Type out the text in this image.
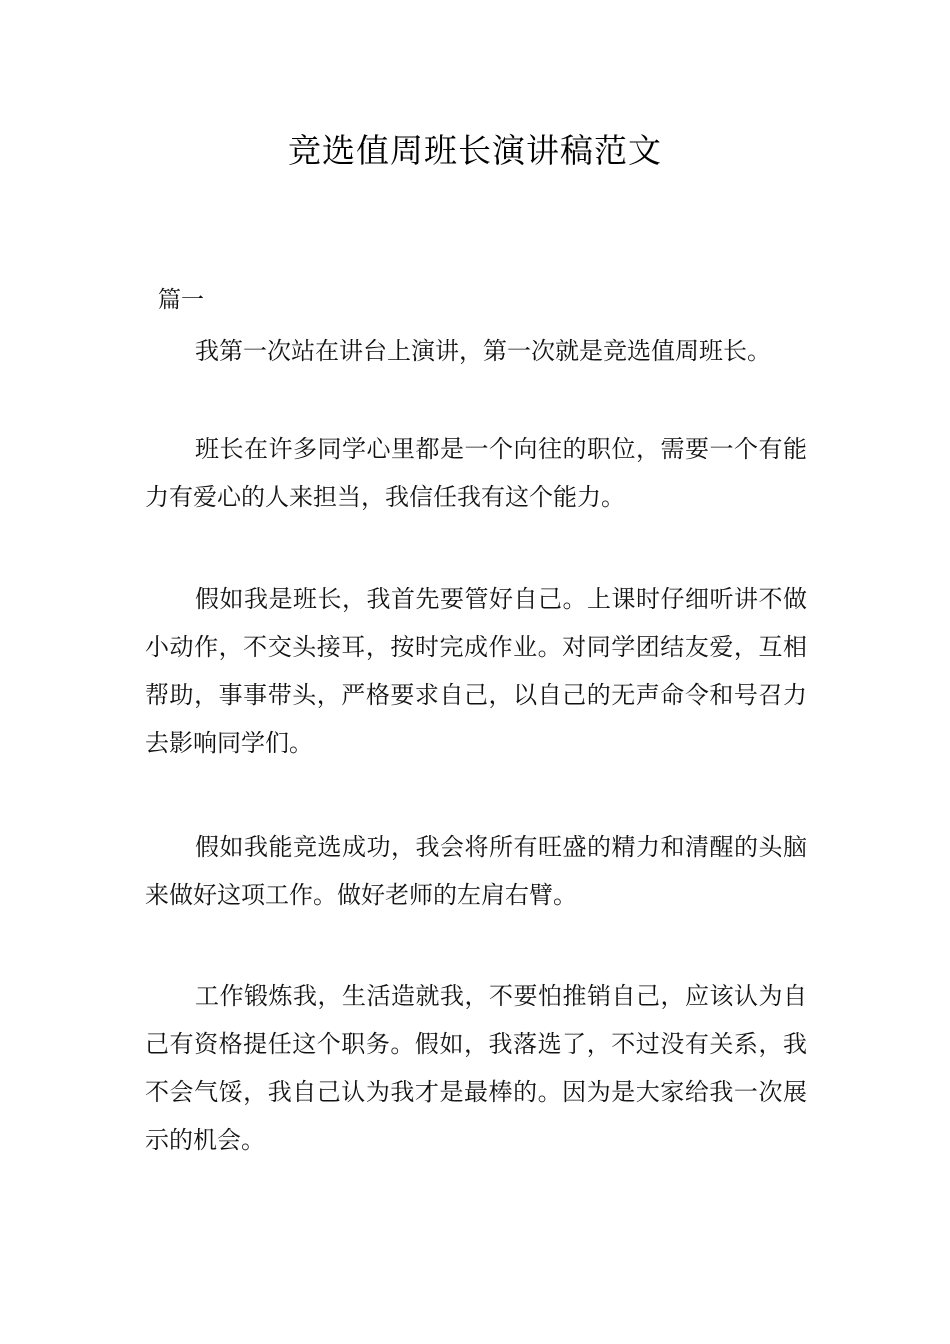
竞选值周班长演讲稿范文
篇一
我第一次站在讲台上演讲，第一次就是竞选值周班长。
班长在许多同学心里都是一个向往的职位，需要一个有能力有爱心的人来担当，我信任我有这个能力。
假如我是班长，我首先要管好自己。上课时仔细听讲不做小动作，不交头接耳，按时完成作业。对同学团结友爱，互相帮助，事事带头，严格要求自己，以自己的无声命令和号召力去影响同学们。
假如我能竞选成功，我会将所有旺盛的精力和清醒的头脑来做好这项工作。做好老师的左肩右臂。
工作锻炼我，生活造就我，不要怕推销自己，应该认为自己有资格提任这个职务。假如，我落选了，不过没有关系，我不会气馁，我自己认为我才是最棒的。因为是大家给我一次展示的机会。
